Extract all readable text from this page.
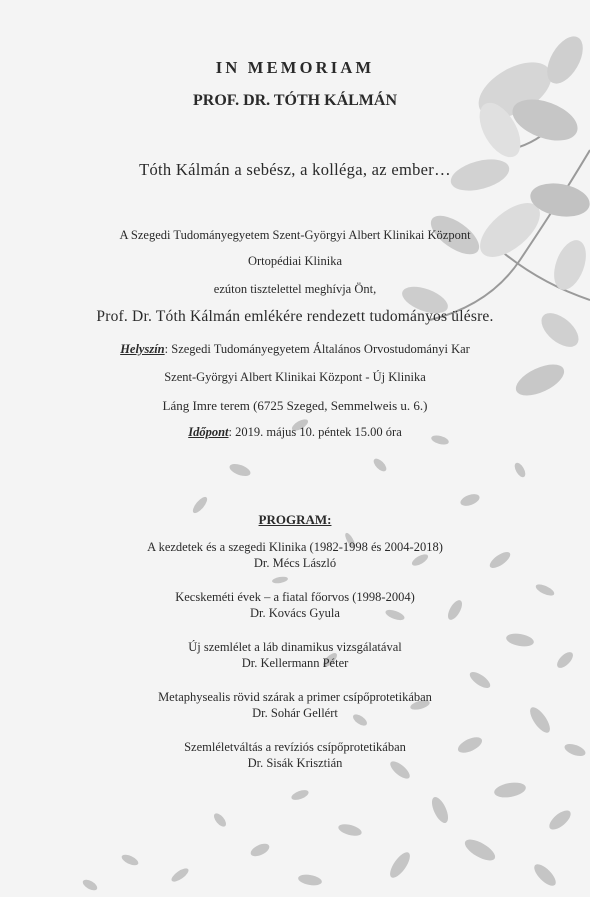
IN MEMORIAM

PROF. DR. TÓTH KÁLMÁN

Tóth Kálmán a sebész, a kolléga, az ember…

A Szegedi Tudományegyetem Szent-Györgyi Albert Klinikai Központ

Ortopédiai Klinika

ezúton tisztelettel meghívja Önt,

Prof. Dr. Tóth Kálmán emlékére rendezett tudományos ülésre.

Helyszín: Szegedi Tudományegyetem Általános Orvostudományi Kar

Szent-Györgyi Albert Klinikai Központ - Új Klinika

Láng Imre terem (6725 Szeged, Semmelweis u. 6.)

Időpont: 2019. május 10. péntek 15.00 óra

PROGRAM:

A kezdetek és a szegedi Klinika (1982-1998 és 2004-2018)

Dr. Mécs László

Kecskeméti évek – a fiatal főorvos (1998-2004)

Dr. Kovács Gyula

Új szemlélet a láb dinamikus vizsgálatával

Dr. Kellermann Péter

Metaphysealis rövid szárak a primer csípőprotetikában

Dr. Sohár Gellért

Szemléletváltás a revíziós csípőprotetikában

Dr. Sisák Krisztián
